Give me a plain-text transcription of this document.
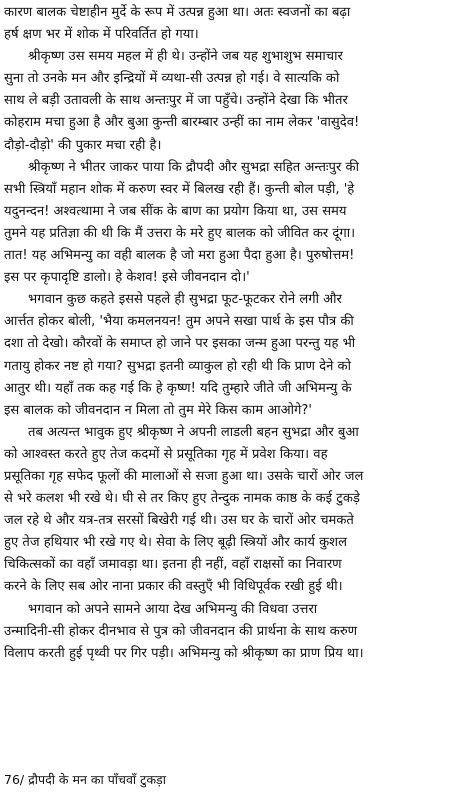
कारण बालक चेष्टाहीन मुर्दे के रूप में उत्पन्न हुआ था। अतः स्वजनों का बढ़ा
हर्ष क्षण भर में शोक में परिवर्तित हो गया।
श्रीकृष्ण उस समय महल में ही थे। उन्होंने जब यह शुभाशुभ समाचार
सुना तो उनके मन और इन्द्रियों में व्यथा-सी उत्पन्न हो गई। वे सात्यकि को
साथ ले बड़ी उतावली के साथ अन्तःपुर में जा पहुँचे। उन्होंने देखा कि भीतर
कोहराम मचा हुआ है और बुआ कुन्ती बारम्बार उन्हीं का नाम लेकर 'वासुदेव!
दौड़ो-दौड़ो' की पुकार मचा रही है।
श्रीकृष्ण ने भीतर जाकर पाया कि द्रौपदी और सुभद्रा सहित अन्तःपुर की
सभी स्त्रियाँ महान शोक में करुण स्वर में बिलख रही हैं। कुन्ती बोल पड़ी, 'हे
यदुनन्दन! अश्वत्थामा ने जब सींक के बाण का प्रयोग किया था, उस समय
तुमने यह प्रतिज्ञा की थी कि मैं उत्तरा के मरे हुए बालक को जीवित कर दूंगा।
तात! यह अभिमन्यु का वही बालक है जो मरा हुआ पैदा हुआ है। पुरुषोत्तम!
इस पर कृपादृष्टि डालो। हे केशव! इसे जीवनदान दो।'
भगवान कुछ कहते इससे पहले ही सुभद्रा फूट-फूटकर रोने लगी और
आर्त्तत होकर बोली, 'भैया कमलनयन! तुम अपने सखा पार्थ के इस पौत्र की
दशा तो देखो। कौरवों के समाप्त हो जाने पर इसका जन्म हुआ परन्तु यह भी
गतायु होकर नष्ट हो गया? सुभद्रा इतनी व्याकुल हो रही थी कि प्राण देने को
आतुर थी। यहाँ तक कह गई कि हे कृष्ण! यदि तुम्हारे जीते जी अभिमन्यु के
इस बालक को जीवनदान न मिला तो तुम मेरे किस काम आओगे?'
तब अत्यन्त भावुक हुए श्रीकृष्ण ने अपनी लाडली बहन सुभद्रा और बुआ
को आश्वस्त करते हुए तेज कदमों से प्रसूतिका गृह में प्रवेश किया। वह
प्रसूतिका गृह सफेद फूलों की मालाओं से सजा हुआ था। उसके चारों ओर जल
से भरे कलश भी रखे थे। घी से तर किए हुए तेन्दुक नामक काष्ठ के कई टुकड़े
जल रहे थे और यत्र-तत्र सरसों बिखेरी गई थी। उस घर के चारों ओर चमकते
हुए तेज हथियार भी रखे गए थे। सेवा के लिए बूढ़ी स्त्रियों और कार्य कुशल
चिकित्सकों का वहाँ जमावड़ा था। इतना ही नहीं, वहाँ राक्षसों का निवारण
करने के लिए सब ओर नाना प्रकार की वस्तुएँ भी विधिपूर्वक रखी हुई थी।
भगवान को अपने सामने आया देख अभिमन्यु की विधवा उत्तरा
उन्मादिनी-सी होकर दीनभाव से पुत्र को जीवनदान की प्रार्थना के साथ करुण
विलाप करती हुई पृथ्वी पर गिर पड़ी। अभिमन्यु को श्रीकृष्ण का प्राण प्रिय था।
76/ द्रौपदी के मन का पाँचवाँ टुकड़ा
